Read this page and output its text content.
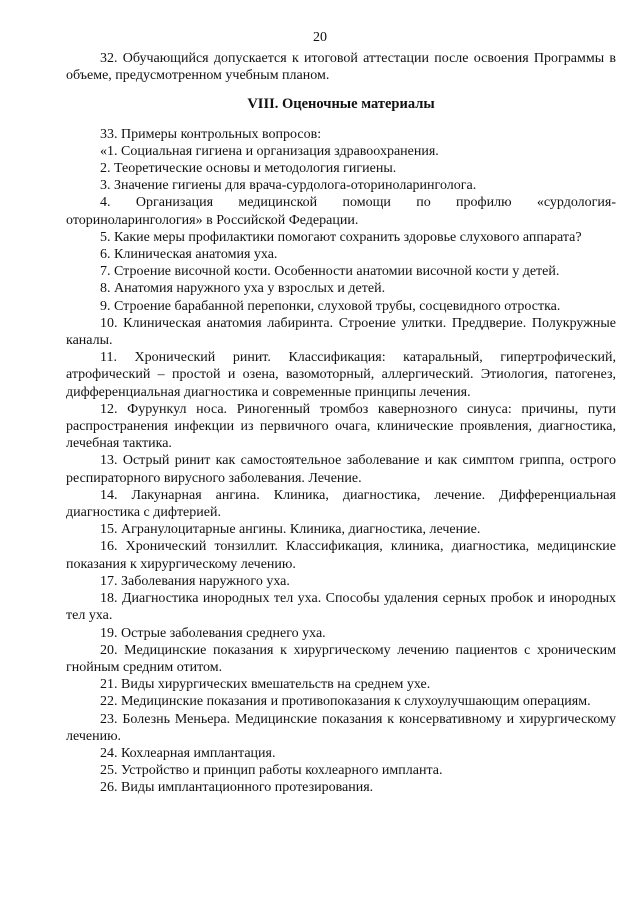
20

32. Обучающийся допускается к итоговой аттестации после освоения Программы в объеме, предусмотренном учебным планом.

VIII. Оценочные материалы

33. Примеры контрольных вопросов:

«1. Социальная гигиена и организация здравоохранения.
2. Теоретические основы и методология гигиены.
3. Значение гигиены для врача-сурдолога-оториноларинголога.
4. Организация медицинской помощи по профилю «сурдология-оториноларингология» в Российской Федерации.
5. Какие меры профилактики помогают сохранить здоровье слухового аппарата?
6. Клиническая анатомия уха.
7. Строение височной кости. Особенности анатомии височной кости у детей.
8. Анатомия наружного уха у взрослых и детей.
9. Строение барабанной перепонки, слуховой трубы, сосцевидного отростка.
10. Клиническая анатомия лабиринта. Строение улитки. Преддверие. Полукружные каналы.
11. Хронический ринит. Классификация: катаральный, гипертрофический, атрофический – простой и озена, вазомоторный, аллергический. Этиология, патогенез, дифференциальная диагностика и современные принципы лечения.
12. Фурункул носа. Риногенный тромбоз кавернозного синуса: причины, пути распространения инфекции из первичного очага, клинические проявления, диагностика, лечебная тактика.
13. Острый ринит как самостоятельное заболевание и как симптом гриппа, острого респираторного вирусного заболевания. Лечение.
14. Лакунарная ангина. Клиника, диагностика, лечение. Дифференциальная диагностика с дифтерией.
15. Агранулоцитарные ангины. Клиника, диагностика, лечение.
16. Хронический тонзиллит. Классификация, клиника, диагностика, медицинские показания к хирургическому лечению.
17. Заболевания наружного уха.
18. Диагностика инородных тел уха. Способы удаления серных пробок и инородных тел уха.
19. Острые заболевания среднего уха.
20. Медицинские показания к хирургическому лечению пациентов с хроническим гнойным средним отитом.
21. Виды хирургических вмешательств на среднем ухе.
22. Медицинские показания и противопоказания к слухоулучшающим операциям.
23. Болезнь Меньера. Медицинские показания к консервативному и хирургическому лечению.
24. Кохлеарная имплантация.
25. Устройство и принцип работы кохлеарного импланта.
26. Виды имплантационного протезирования.
